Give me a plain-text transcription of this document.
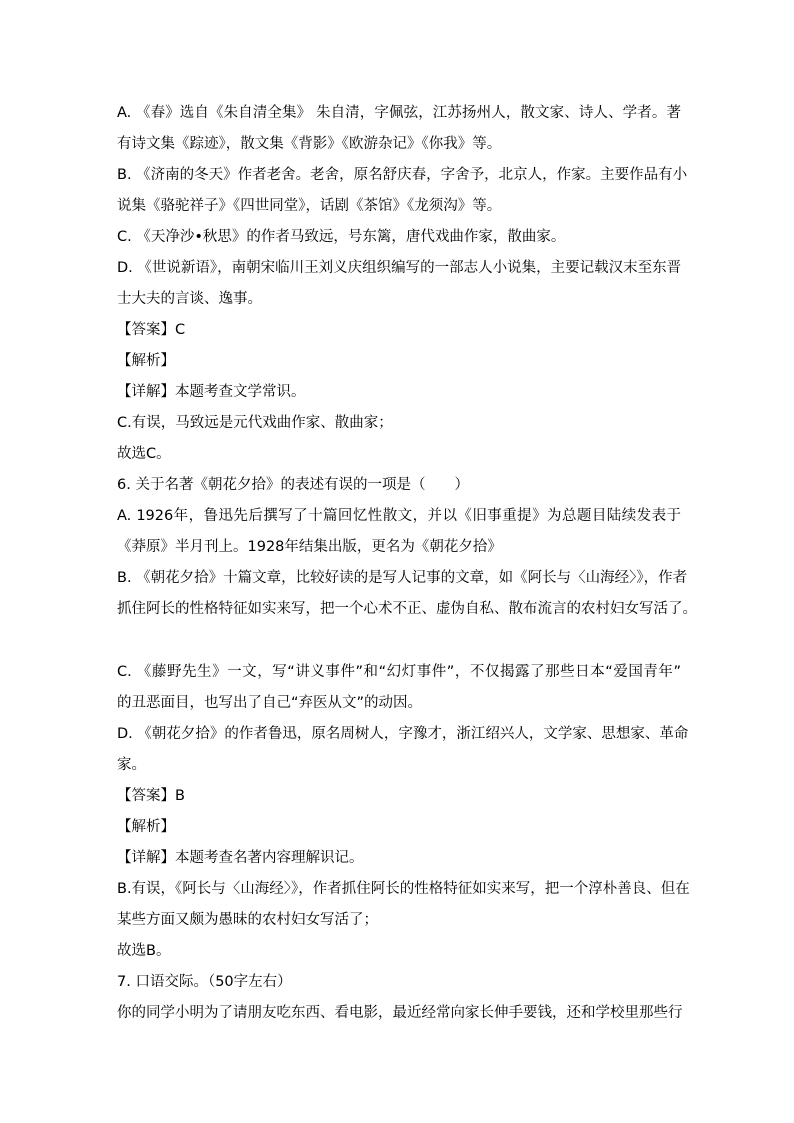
A. 《春》选自《朱自清全集》 朱自清，字佩弦，江苏扬州人，散文家、诗人、学者。著
有诗文集《踪迹》，散文集《背影》《欧游杂记》《你我》等。
B. 《济南的冬天》作者老舍。老舍，原名舒庆春，字舍予，北京人，作家。主要作品有小
说集《骆驼祥子》《四世同堂》，话剧《茶馆》《龙须沟》等。
C. 《天净沙•秋思》的作者马致远，号东篱，唐代戏曲作家，散曲家。
D. 《世说新语》，南朝宋临川王刘义庆组织编写的一部志人小说集，主要记载汉末至东晋
士大夫的言谈、逸事。
【答案】C
【解析】
【详解】本题考查文学常识。
C.有误，马致远是元代戏曲作家、散曲家；
故选C。
6. 关于名著《朝花夕拾》的表述有误的一项是（　　）
A. 1926年，鲁迅先后撰写了十篇回忆性散文，并以《旧事重提》为总题目陆续发表于
《莽原》半月刊上。1928年结集出版，更名为《朝花夕拾》
B. 《朝花夕拾》十篇文章，比较好读的是写人记事的文章，如《阿长与〈山海经〉》，作者
抓住阿长的性格特征如实来写，把一个心术不正、虚伪自私、散布流言的农村妇女写活了。
C. 《藤野先生》一文，写“讲义事件”和“幻灯事件”，不仅揭露了那些日本“爱国青年”
的丑恶面目，也写出了自己“弃医从文”的动因。
D. 《朝花夕拾》的作者鲁迅，原名周树人，字豫才，浙江绍兴人，文学家、思想家、革命
家。
【答案】B
【解析】
【详解】本题考查名著内容理解识记。
B.有误，《阿长与〈山海经〉》，作者抓住阿长的性格特征如实来写，把一个淳朴善良、但在
某些方面又颇为愚昧的农村妇女写活了；
故选B。
7. 口语交际。（50字左右）
你的同学小明为了请朋友吃东西、看电影，最近经常向家长伸手要钱，还和学校里那些行
